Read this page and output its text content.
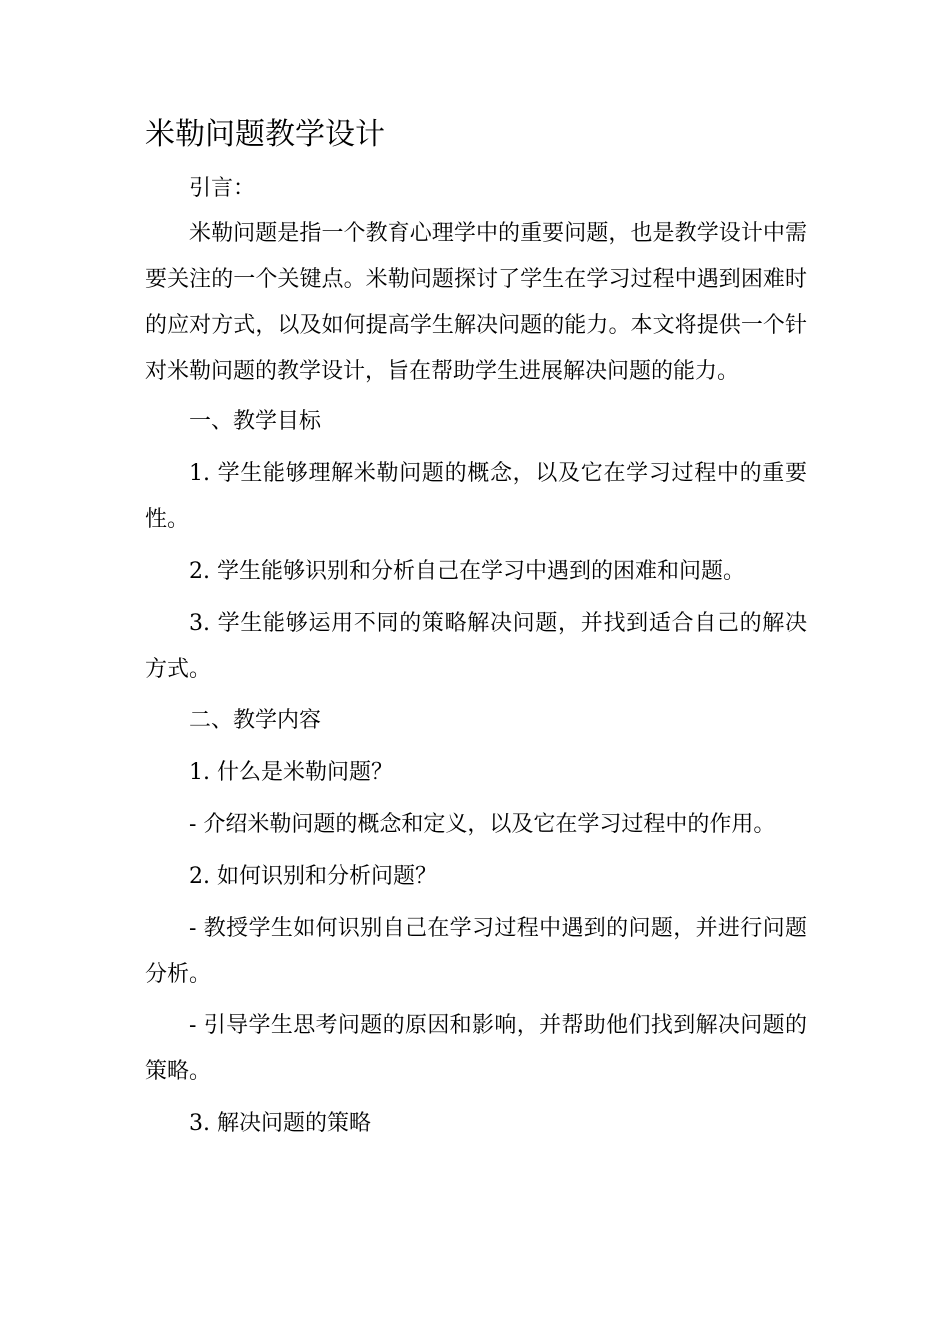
米勒问题教学设计

引言：

米勒问题是指一个教育心理学中的重要问题，也是教学设计中需要关注的一个关键点。米勒问题探讨了学生在学习过程中遇到困难时的应对方式，以及如何提高学生解决问题的能力。本文将提供一个针对米勒问题的教学设计，旨在帮助学生进展解决问题的能力。

一、教学目标

1. 学生能够理解米勒问题的概念，以及它在学习过程中的重要性。

2. 学生能够识别和分析自己在学习中遇到的困难和问题。

3. 学生能够运用不同的策略解决问题，并找到适合自己的解决方式。

二、教学内容

1. 什么是米勒问题？

- 介绍米勒问题的概念和定义，以及它在学习过程中的作用。

2. 如何识别和分析问题？

- 教授学生如何识别自己在学习过程中遇到的问题，并进行问题分析。

- 引导学生思考问题的原因和影响，并帮助他们找到解决问题的策略。

3. 解决问题的策略
